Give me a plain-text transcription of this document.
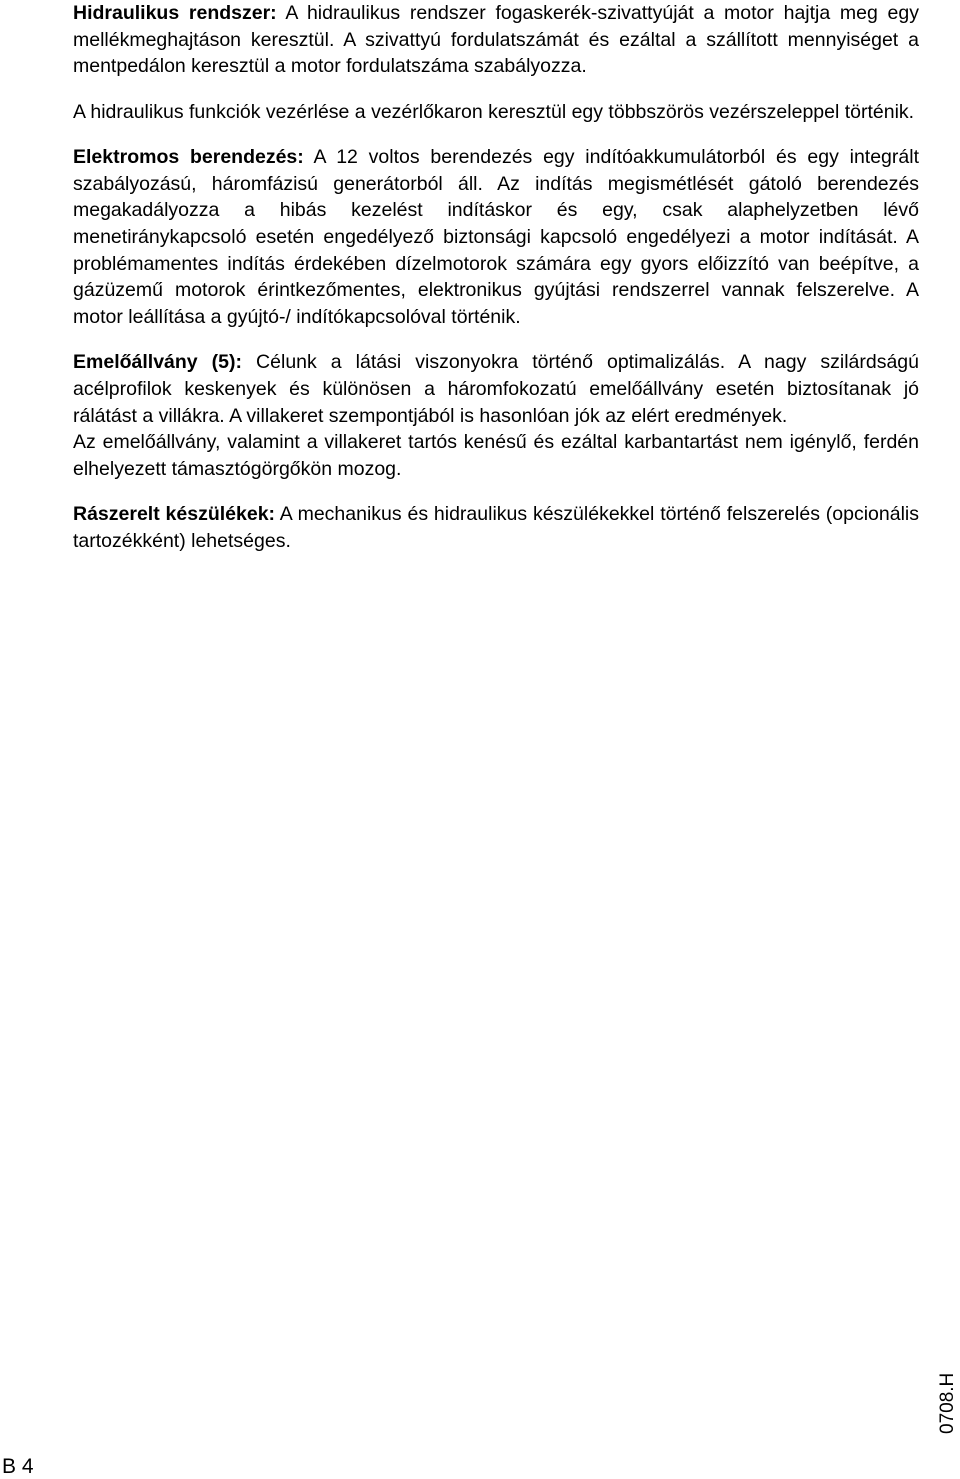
Hidraulikus rendszer: A hidraulikus rendszer fogaskerék-szivattyúját a motor hajtja meg egy mellékmeghajtáson keresztül. A szivattyú fordulatszámát és ezáltal a szállított mennyiséget a mentpedálon keresztül a motor fordulatszáma szabályozza.

A hidraulikus funkciók vezérlése a vezérlőkaron keresztül egy többszörös vezérszeleppel történik.

Elektromos berendezés: A 12 voltos berendezés egy indítóakkumulátorból és egy integrált szabályozású, háromfázisú generátorból áll. Az indítás megismétlését gátoló berendezés megakadályozza a hibás kezelést indításkor és egy, csak alaphelyzetben lévő menetiránykapcsoló esetén engedélyező biztonsági kapcsoló engedélyezi a motor indítását. A problémamentes indítás érdekében dízelmotorok számára egy gyors előizzító van beépítve, a gázüzemű motorok érintkezőmentes, elektronikus gyújtási rendszerrel vannak felszerelve. A motor leállítása a gyújtó-/ indítókapcsolóval történik.

Emelőállvány (5): Célunk a látási viszonyokra történő optimalizálás. A nagy szilárdságú acélprofilok keskenyek és különösen a háromfokozatú emelőállvány esetén biztosítanak jó rálátást a villákra. A villakeret szempontjából is hasonlóan jók az elért eredmények.

Az emelőállvány, valamint a villakeret tartós kenésű és ezáltal karbantartást nem igénylő, ferdén elhelyezett támasztógörgőkön mozog.

Rászerelt készülékek: A mechanikus és hidraulikus készülékekkel történő felszerelés (opcionális tartozékként) lehetséges.

0708.H
B 4
